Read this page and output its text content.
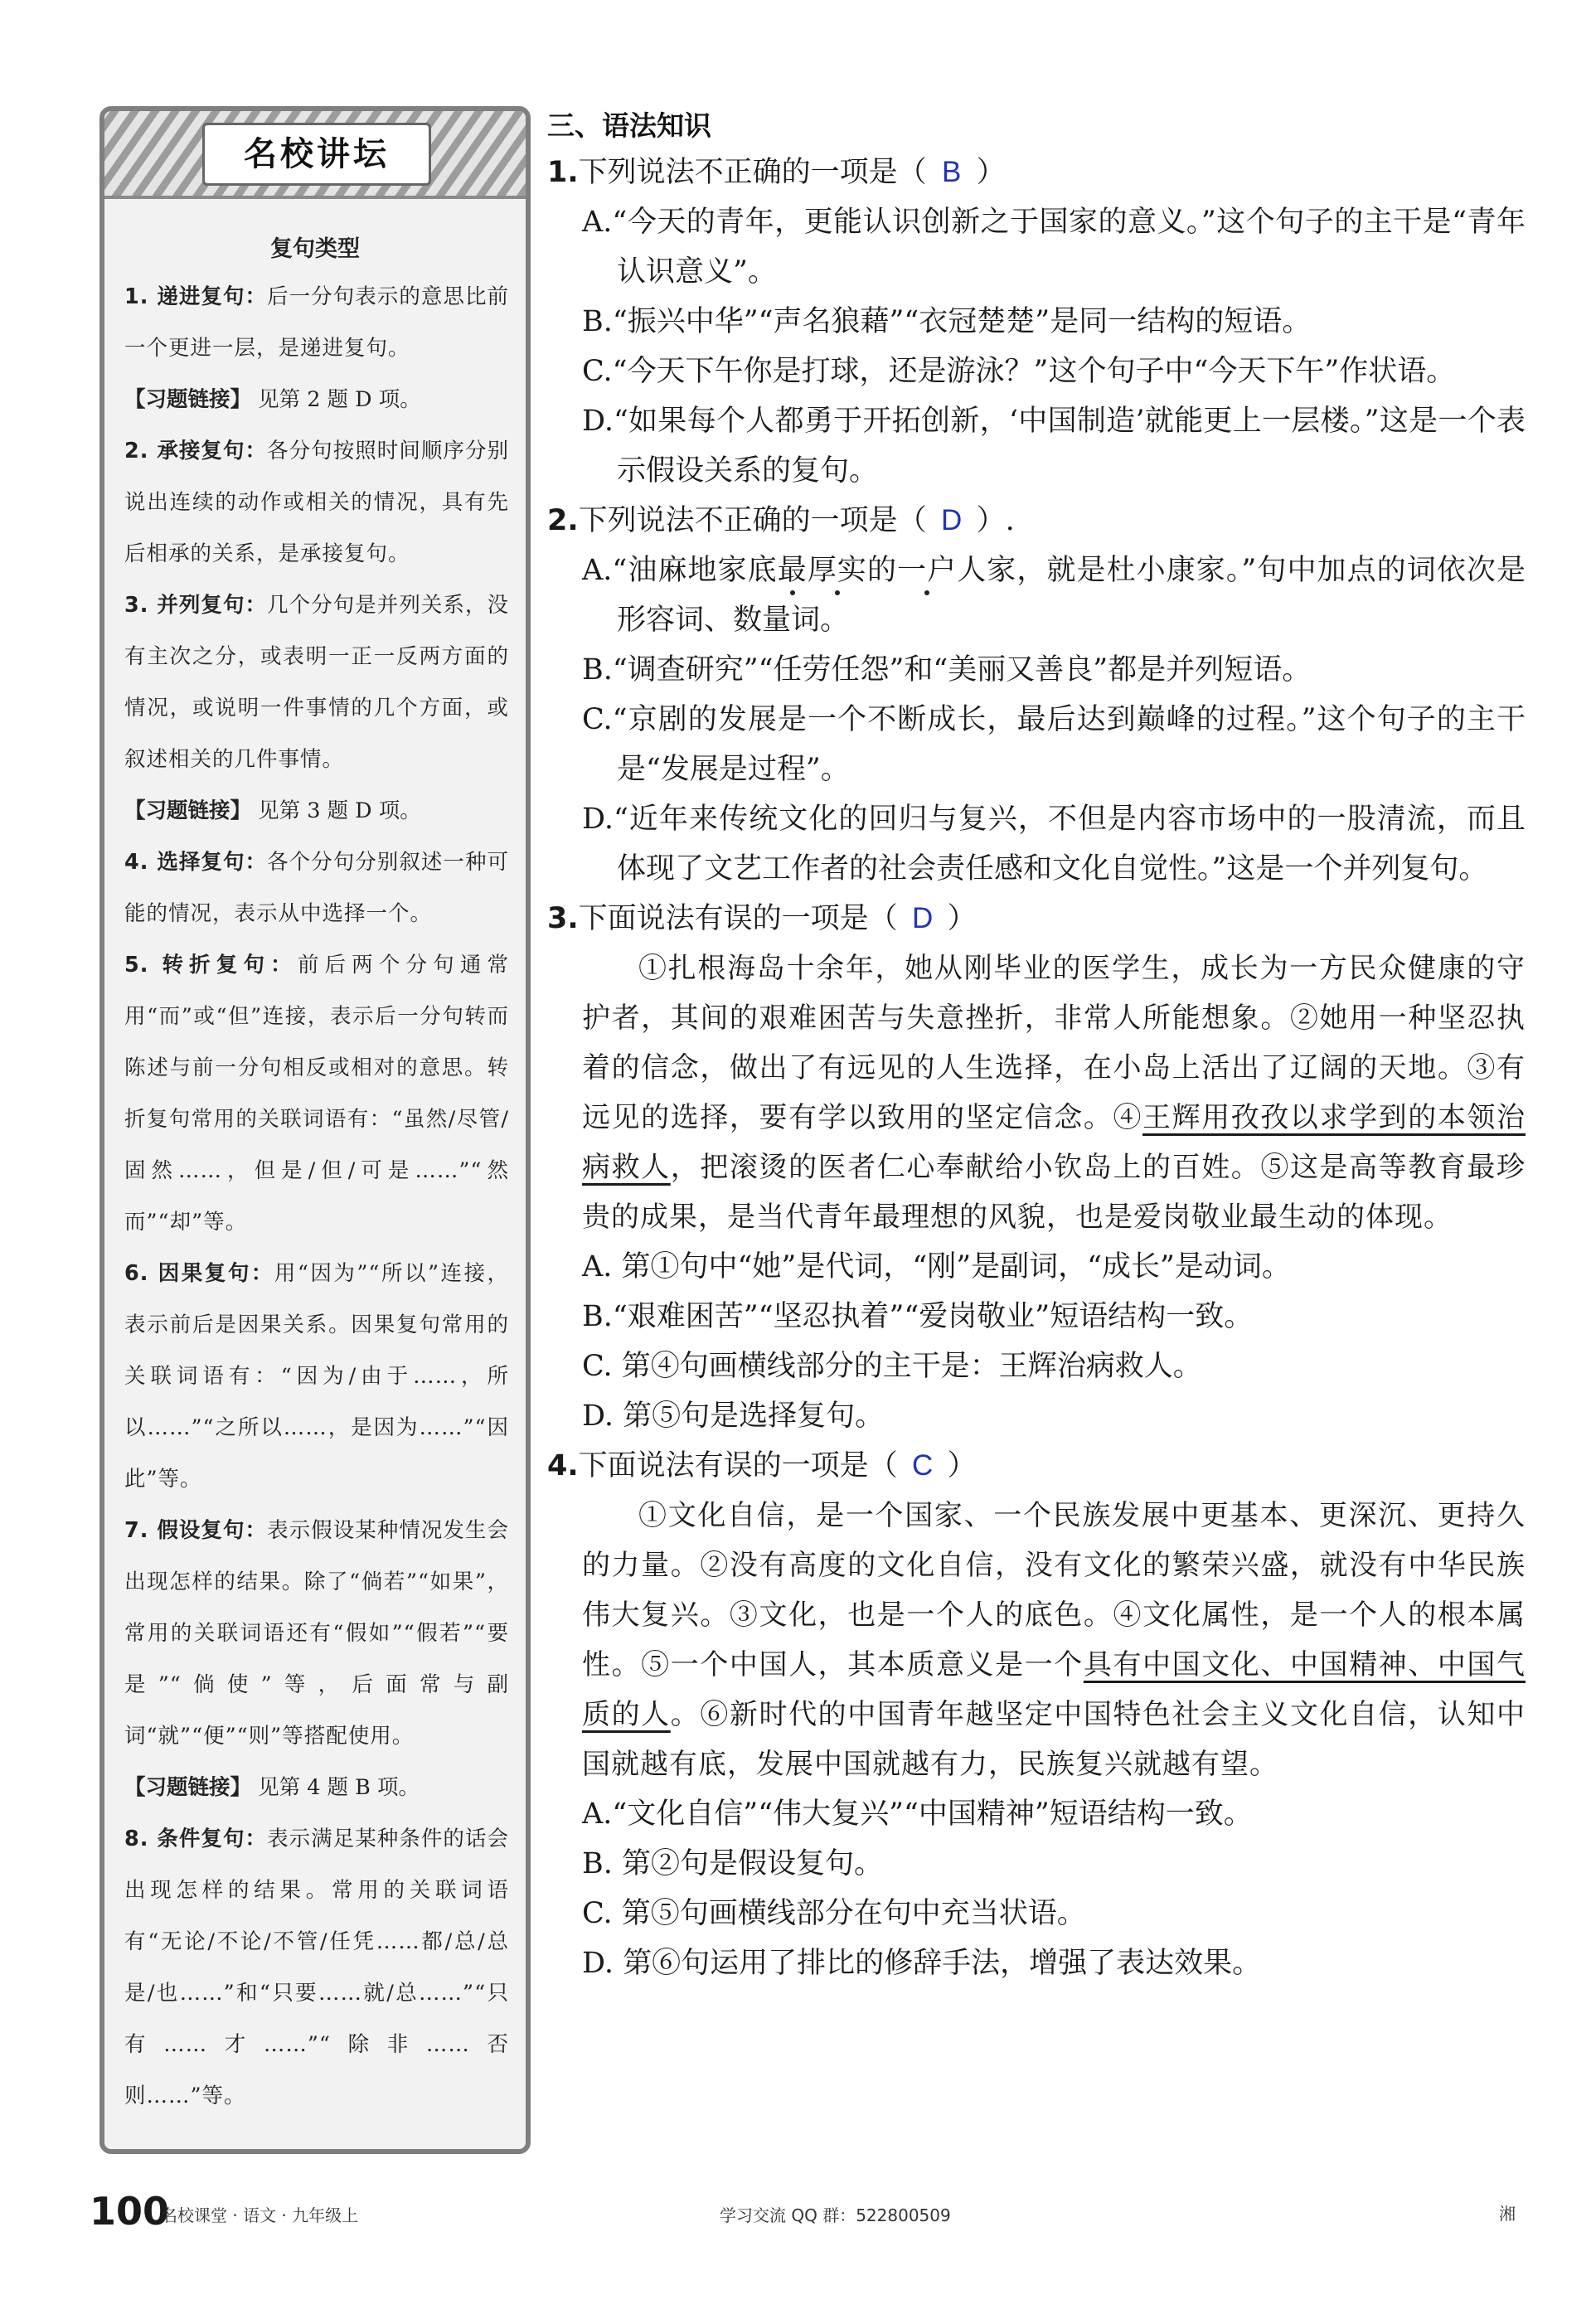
名校讲坛
复句类型
1. 递进复句：后一分句表示的意思比前一个更进一层，是递进复句。
【习题链接】 见第 2 题 D 项。
2. 承接复句：各分句按照时间顺序分别说出连续的动作或相关的情况，具有先后相承的关系，是承接复句。
3. 并列复句：几个分句是并列关系，没有主次之分，或表明一正一反两方面的情况，或说明一件事情的几个方面，或叙述相关的几件事情。
【习题链接】 见第 3 题 D 项。
4. 选择复句：各个分句分别叙述一种可能的情况，表示从中选择一个。
5. 转折复句：前后两个分句通常用“而”或“但”连接，表示后一分句转而陈述与前一分句相反或相对的意思。转折复句常用的关联词语有：“虽然/尽管/固然……，但是/但/可是……”“然而”“却”等。
6. 因果复句：用“因为”“所以”连接，表示前后是因果关系。因果复句常用的关联词语有：“因为/由于……，所以……”“之所以……，是因为……”“因此”等。
7. 假设复句：表示假设某种情况发生会出现怎样的结果。除了“倘若”“如果”，常用的关联词语还有“假如”“假若”“要是”“倘使”等，后面常与副词“就”“便”“则”等搭配使用。
【习题链接】 见第 4 题 B 项。
8. 条件复句：表示满足某种条件的话会出现怎样的结果。常用的关联词语有“无论/不论/不管/任凭……都/总/总是/也……”和“只要……就/总……”“只有……才……”“除非……否则……”等。
三、语法知识
1.下列说法不正确的一项是（ B ）
A.“今天的青年，更能认识创新之于国家的意义。”这个句子的主干是“青年认识意义”。
B.“振兴中华”“声名狼藉”“衣冠楚楚”是同一结构的短语。
C.“今天下午你是打球，还是游泳？”这个句子中“今天下午”作状语。
D.“如果每个人都勇于开拓创新，‘中国制造’就能更上一层楼。”这是一个表示假设关系的复句。
2.下列说法不正确的一项是（ D ）.
A.“油麻地家底最厚实的一户人家，就是杜小康家。”句中加点的词依次是形容词、数量词。
B.“调查研究”“任劳任怨”和“美丽又善良”都是并列短语。
C.“京剧的发展是一个不断成长，最后达到巅峰的过程。”这个句子的主干是“发展是过程”。
D.“近年来传统文化的回归与复兴，不但是内容市场中的一股清流，而且体现了文艺工作者的社会责任感和文化自觉性。”这是一个并列复句。
3.下面说法有误的一项是（ D ）
①扎根海岛十余年，她从刚毕业的医学生，成长为一方民众健康的守护者，其间的艰难困苦与失意挫折，非常人所能想象。②她用一种坚忍执着的信念，做出了有远见的人生选择，在小岛上活出了辽阔的天地。③有远见的选择，要有学以致用的坚定信念。④王辉用孜孜以求学到的本领治病救人，把滚烫的医者仁心奉献给小钦岛上的百姓。⑤这是高等教育最珍贵的成果，是当代青年最理想的风貌，也是爱岗敬业最生动的体现。
A. 第①句中“她”是代词，“刚”是副词，“成长”是动词。
B.“艰难困苦”“坚忍执着”“爱岗敬业”短语结构一致。
C. 第④句画横线部分的主干是：王辉治病救人。
D. 第⑤句是选择复句。
4.下面说法有误的一项是（ C ）
①文化自信，是一个国家、一个民族发展中更基本、更深沉、更持久的力量。②没有高度的文化自信，没有文化的繁荣兴盛，就没有中华民族伟大复兴。③文化，也是一个人的底色。④文化属性，是一个人的根本属性。⑤一个中国人，其本质意义是一个具有中国文化、中国精神、中国气质的人。⑥新时代的中国青年越坚定中国特色社会主义文化自信，认知中国就越有底，发展中国就越有力，民族复兴就越有望。
A.“文化自信”“伟大复兴”“中国精神”短语结构一致。
B. 第②句是假设复句。
C. 第⑤句画横线部分在句中充当状语。
D. 第⑥句运用了排比的修辞手法，增强了表达效果。
100
名校课堂 · 语文 · 九年级上	学习交流 QQ 群：522800509	湘
